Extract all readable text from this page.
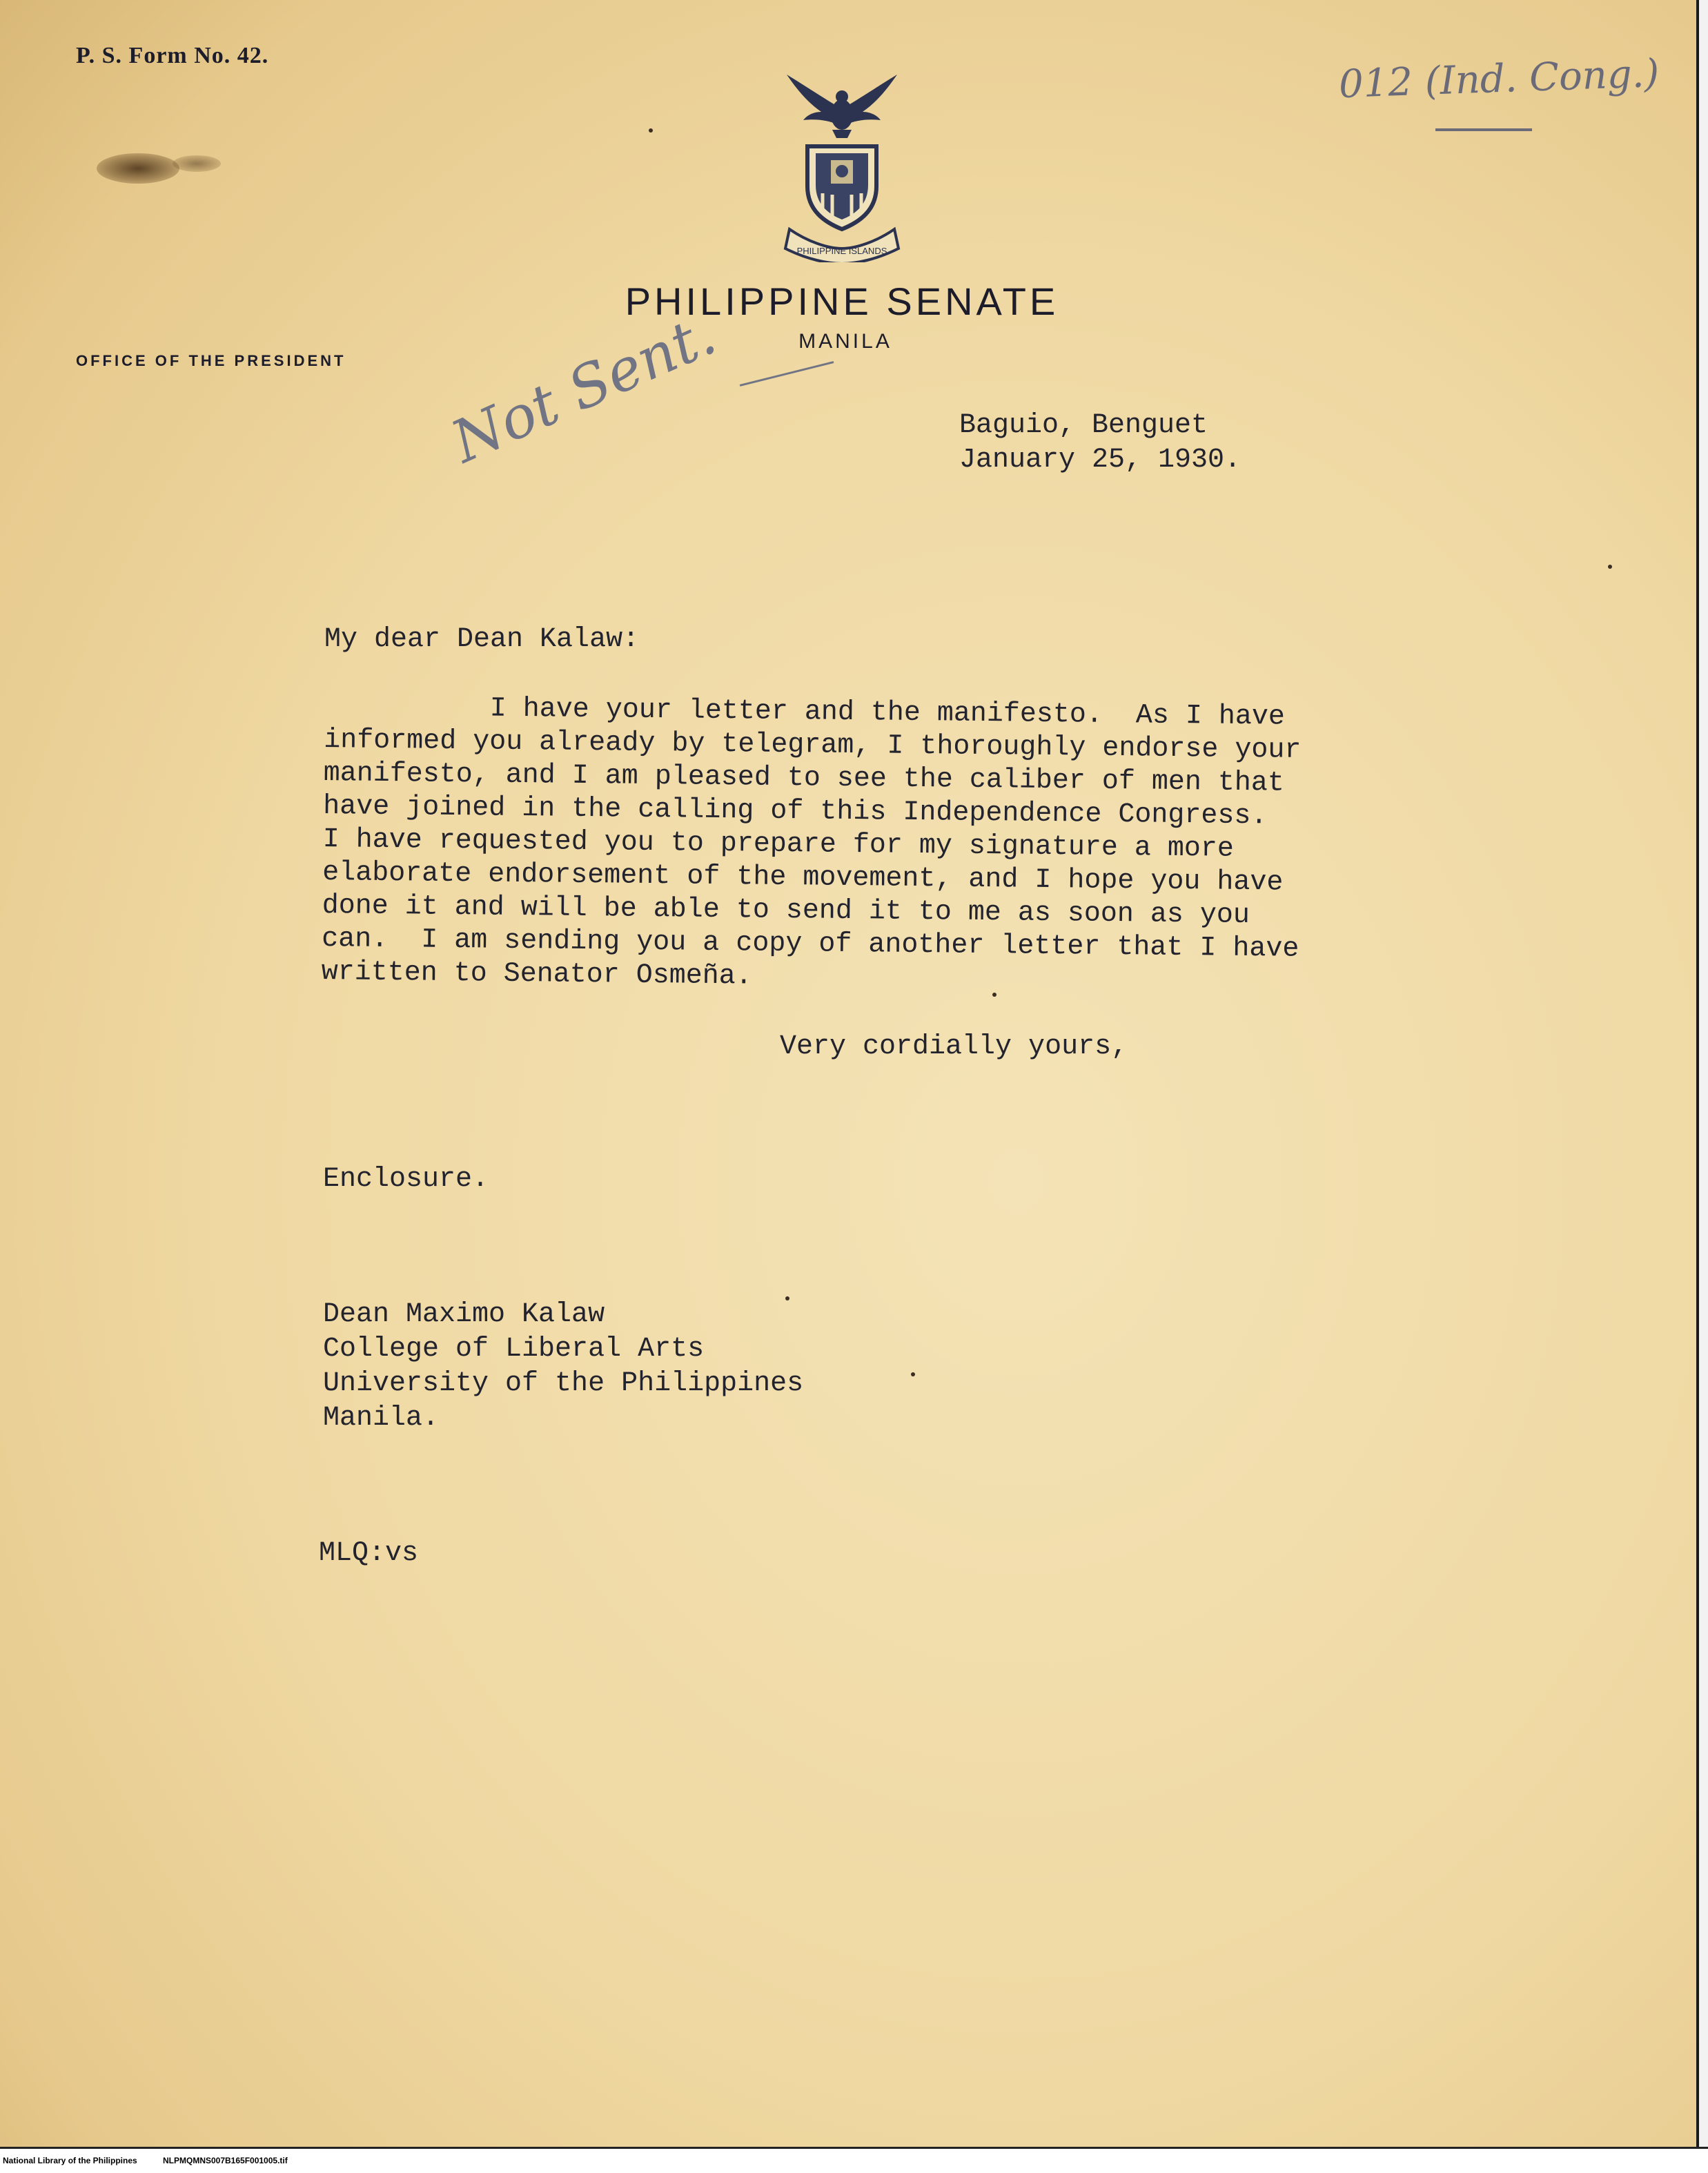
P. S. Form No. 42.
PHILIPPINE ISLANDS
PHILIPPINE SENATE
MANILA
OFFICE OF THE PRESIDENT
012 (Ind. Cong.)
Not Sent.	Baguio, Benguet
January 25, 1930.
My dear Dean Kalaw:
I have your letter and the manifesto.  As I have
informed you already by telegram, I thoroughly endorse your
manifesto, and I am pleased to see the caliber of men that
have joined in the calling of this Independence Congress.
I have requested you to prepare for my signature a more
elaborate endorsement of the movement, and I hope you have
done it and will be able to send it to me as soon as you
can.  I am sending you a copy of another letter that I have
written to Senator Osmeña.
Very cordially yours,
Enclosure.
Dean Maximo Kalaw
College of Liberal Arts
University of the Philippines
Manila.
MLQ:vs
National Library of the Philippines	NLPMQMNS007B165F001005.tif
